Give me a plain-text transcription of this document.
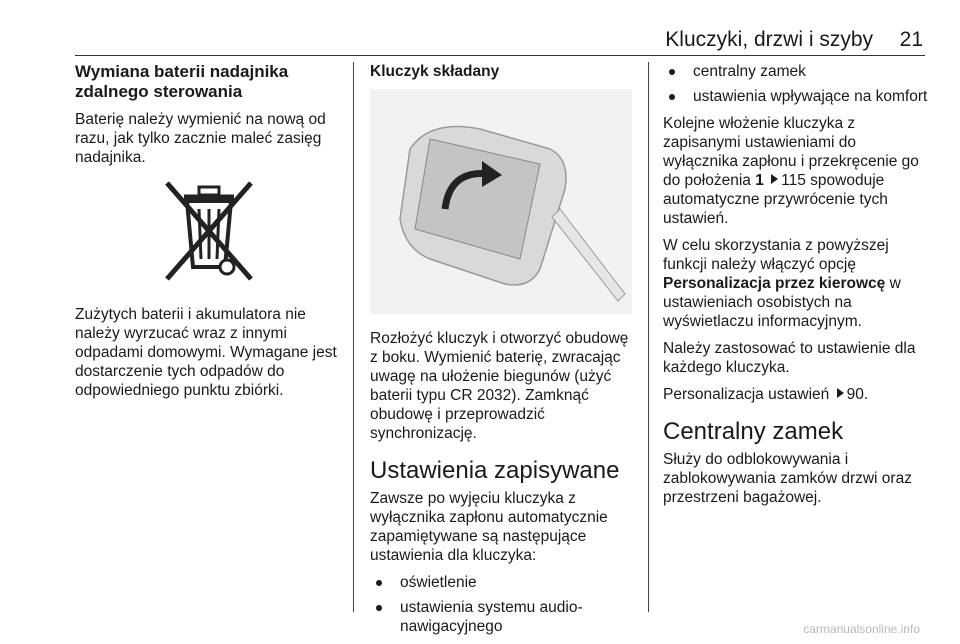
Kluczyki, drzwi i szyby 21
Wymiana baterii nadajnika zdalnego sterowania

Baterię należy wymienić na nową od razu, jak tylko zacznie maleć zasięg nadajnika.

Zużytych baterii i akumulatora nie należy wyrzucać wraz z innymi odpadami domowymi. Wymagane jest dostarczenie tych odpadów do odpowiedniego punktu zbiórki.

Kluczyk składany

Rozłożyć kluczyk i otworzyć obudowę z boku. Wymienić baterię, zwracając uwagę na ułożenie biegunów (użyć baterii typu CR 2032). Zamknąć obudowę i przeprowadzić synchronizację.

Ustawienia zapisywane

Zawsze po wyjęciu kluczyka z wyłącznika zapłonu automatycznie zapamiętywane są następujące ustawienia dla kluczyka:

oświetlenie
ustawienia systemu audio-nawigacyjnego
centralny zamek
ustawienia wpływające na komfort

Kolejne włożenie kluczyka z zapisanymi ustawieniami do wyłącznika zapłonu i przekręcenie go do położenia 1 115 spowoduje automatyczne przywrócenie tych ustawień.

W celu skorzystania z powyższej funkcji należy włączyć opcję Personalizacja przez kierowcę w ustawieniach osobistych na wyświetlaczu informacyjnym.

Należy zastosować to ustawienie dla każdego kluczyka.

Personalizacja ustawień 90.

Centralny zamek

Służy do odblokowywania i zablokowywania zamków drzwi oraz przestrzeni bagażowej.

carmanualsonline.info
